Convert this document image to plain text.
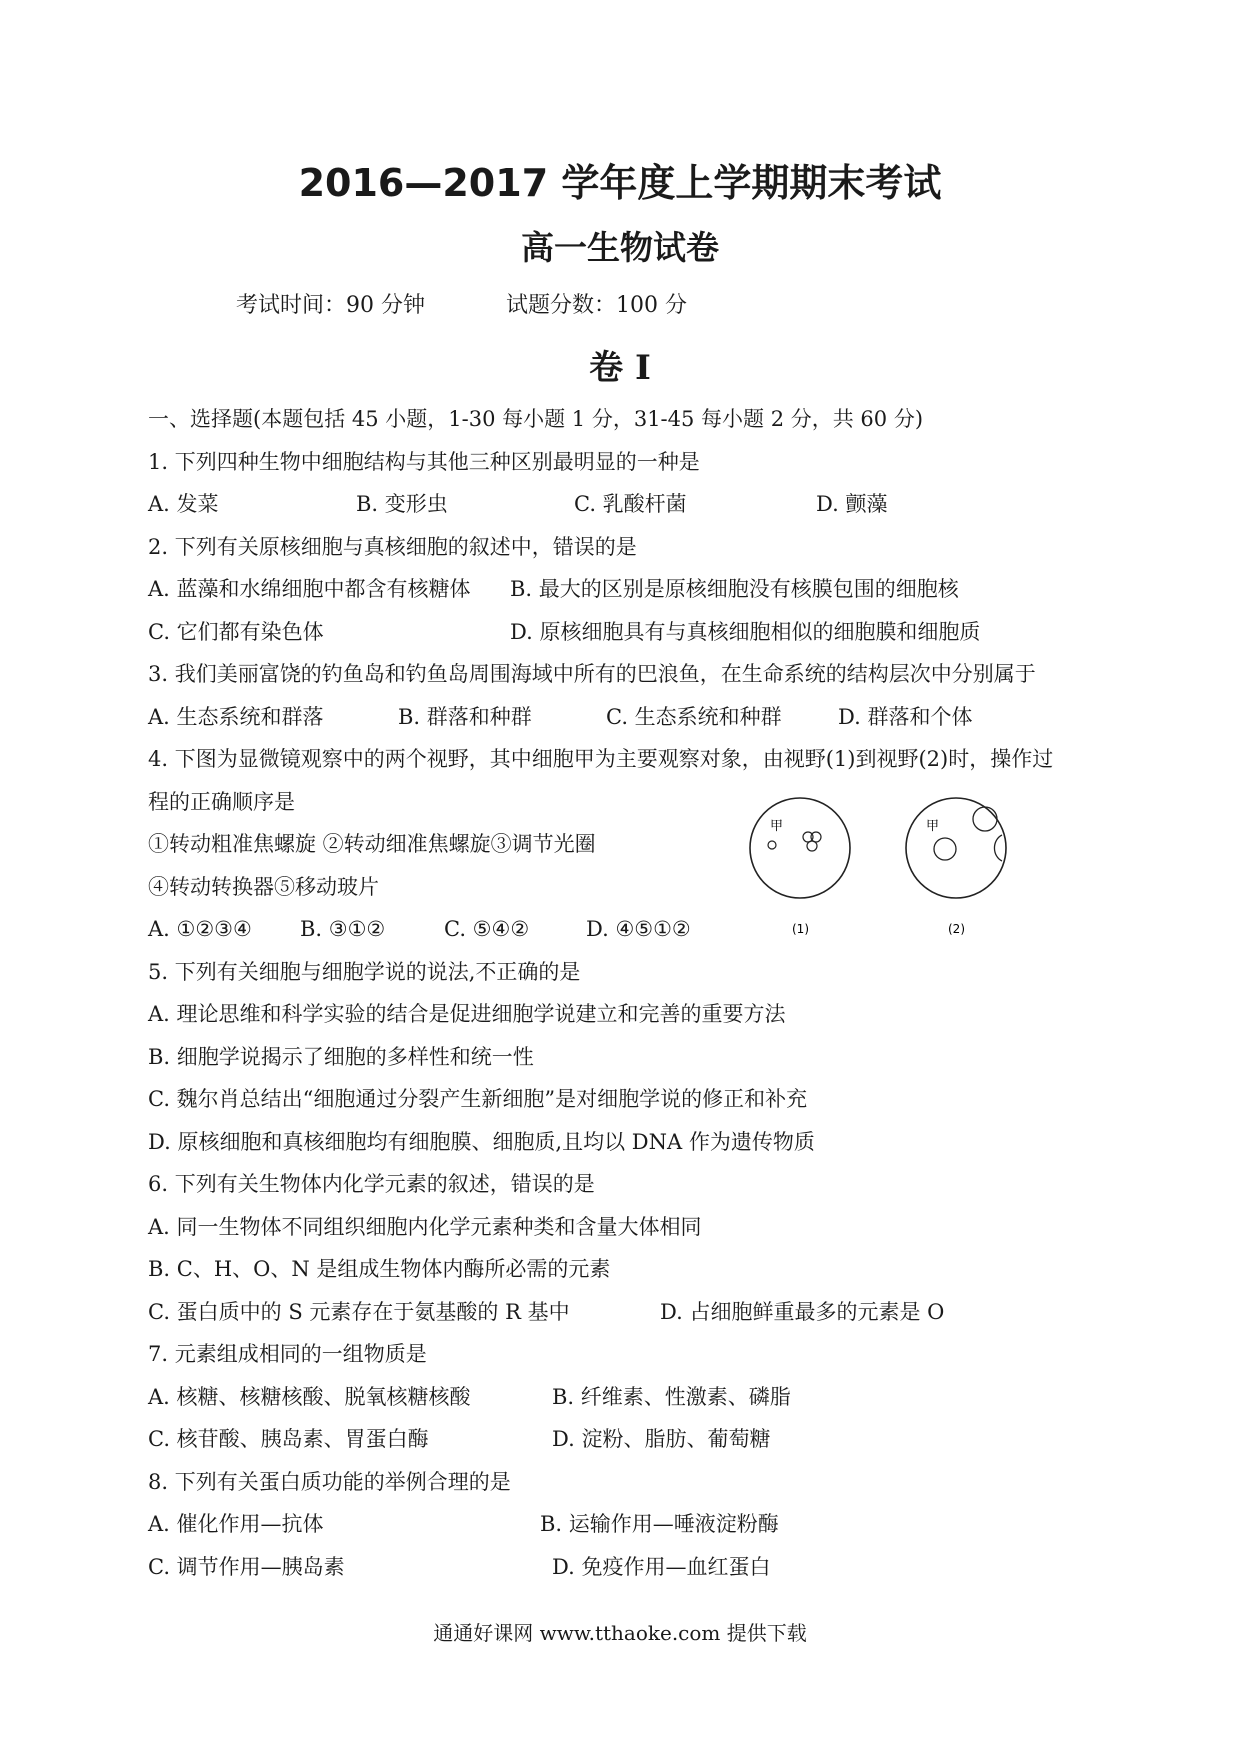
2016—2017 学年度上学期期末考试
高一生物试卷
考试时间：90 分钟	试题分数：100 分
卷 I
一、选择题(本题包括 45 小题，1-30 每小题 1 分，31-45 每小题 2 分，共 60 分)
1. 下列四种生物中细胞结构与其他三种区别最明显的一种是
A. 发菜	B. 变形虫	C. 乳酸杆菌	D. 颤藻
2. 下列有关原核细胞与真核细胞的叙述中，错误的是
A. 蓝藻和水绵细胞中都含有核糖体 B. 最大的区别是原核细胞没有核膜包围的细胞核
C. 它们都有染色体	D. 原核细胞具有与真核细胞相似的细胞膜和细胞质
3. 我们美丽富饶的钓鱼岛和钓鱼岛周围海域中所有的巴浪鱼，在生命系统的结构层次中分别属于
A. 生态系统和群落	B. 群落和种群	C. 生态系统和种群	D. 群落和个体
4. 下图为显微镜观察中的两个视野，其中细胞甲为主要观察对象，由视野(1)到视野(2)时，操作过
程的正确顺序是
①转动粗准焦螺旋 ②转动细准焦螺旋③调节光圈
④转动转换器⑤移动玻片
A. ①②③④ B. ③①②	C. ⑤④②	D. ④⑤①②
5. 下列有关细胞与细胞学说的说法,不正确的是
A. 理论思维和科学实验的结合是促进细胞学说建立和完善的重要方法
B. 细胞学说揭示了细胞的多样性和统一性
C. 魏尔肖总结出“细胞通过分裂产生新细胞”是对细胞学说的修正和补充
D. 原核细胞和真核细胞均有细胞膜、细胞质,且均以 DNA 作为遗传物质
6. 下列有关生物体内化学元素的叙述，错误的是
A. 同一生物体不同组织细胞内化学元素种类和含量大体相同
B. C、H、O、N 是组成生物体内酶所必需的元素
C. 蛋白质中的 S 元素存在于氨基酸的 R 基中	D. 占细胞鲜重最多的元素是 O
7. 元素组成相同的一组物质是
A. 核糖、核糖核酸、脱氧核糖核酸	B. 纤维素、性激素、磷脂
C. 核苷酸、胰岛素、胃蛋白酶	D. 淀粉、脂肪、葡萄糖
8. 下列有关蛋白质功能的举例合理的是
A. 催化作用—抗体	B. 运输作用—唾液淀粉酶
C. 调节作用—胰岛素	D. 免疫作用—血红蛋白
甲
(1)
甲
(2)
通通好课网 www.tthaoke.com 提供下载
